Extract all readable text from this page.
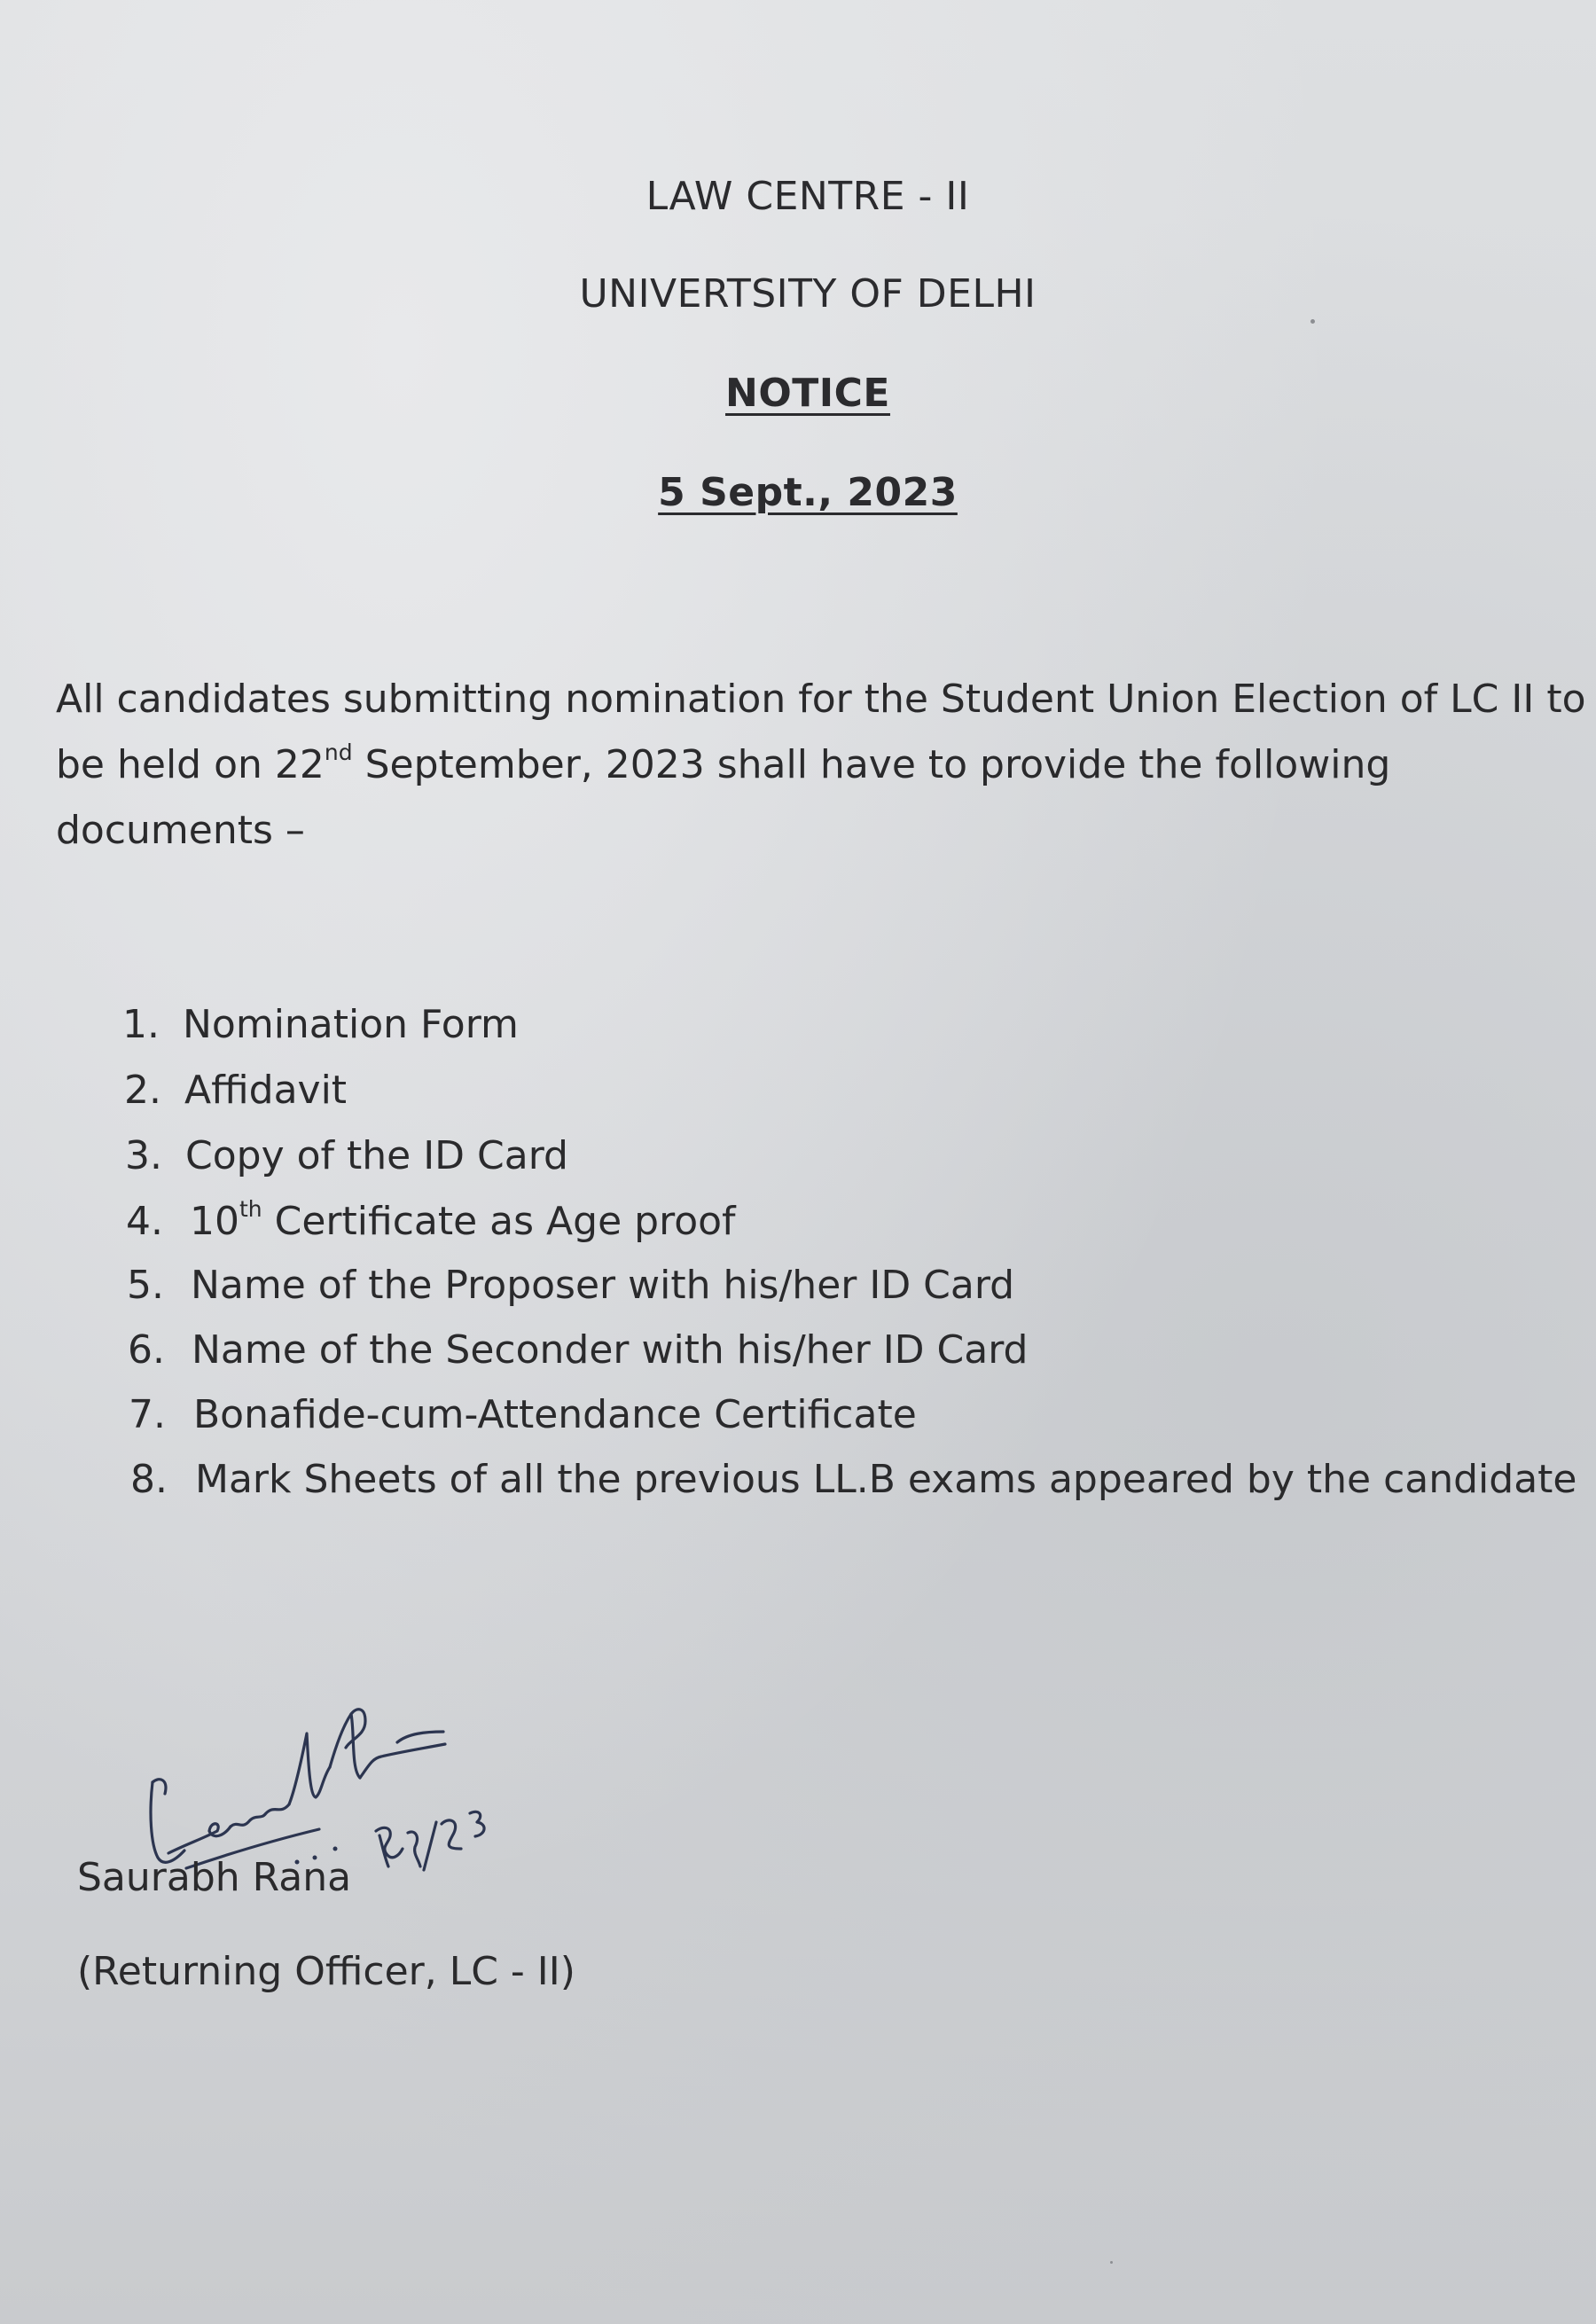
LAW CENTRE - II
UNIVERTSITY OF DELHI
NOTICE
5 Sept., 2023
All candidates submitting nomination for the Student Union Election of LC II to
be held on 22nd September, 2023 shall have to provide the following
documents –
1. Nomination Form
2. Affidavit
3. Copy of the ID Card
4. 10th Certificate as Age proof
5. Name of the Proposer with his/her ID Card
6. Name of the Seconder with his/her ID Card
7. Bonafide-cum-Attendance Certificate
8. Mark Sheets of all the previous LL.B exams appeared by the candidate
Saurabh Rana
(Returning Officer, LC - II)
